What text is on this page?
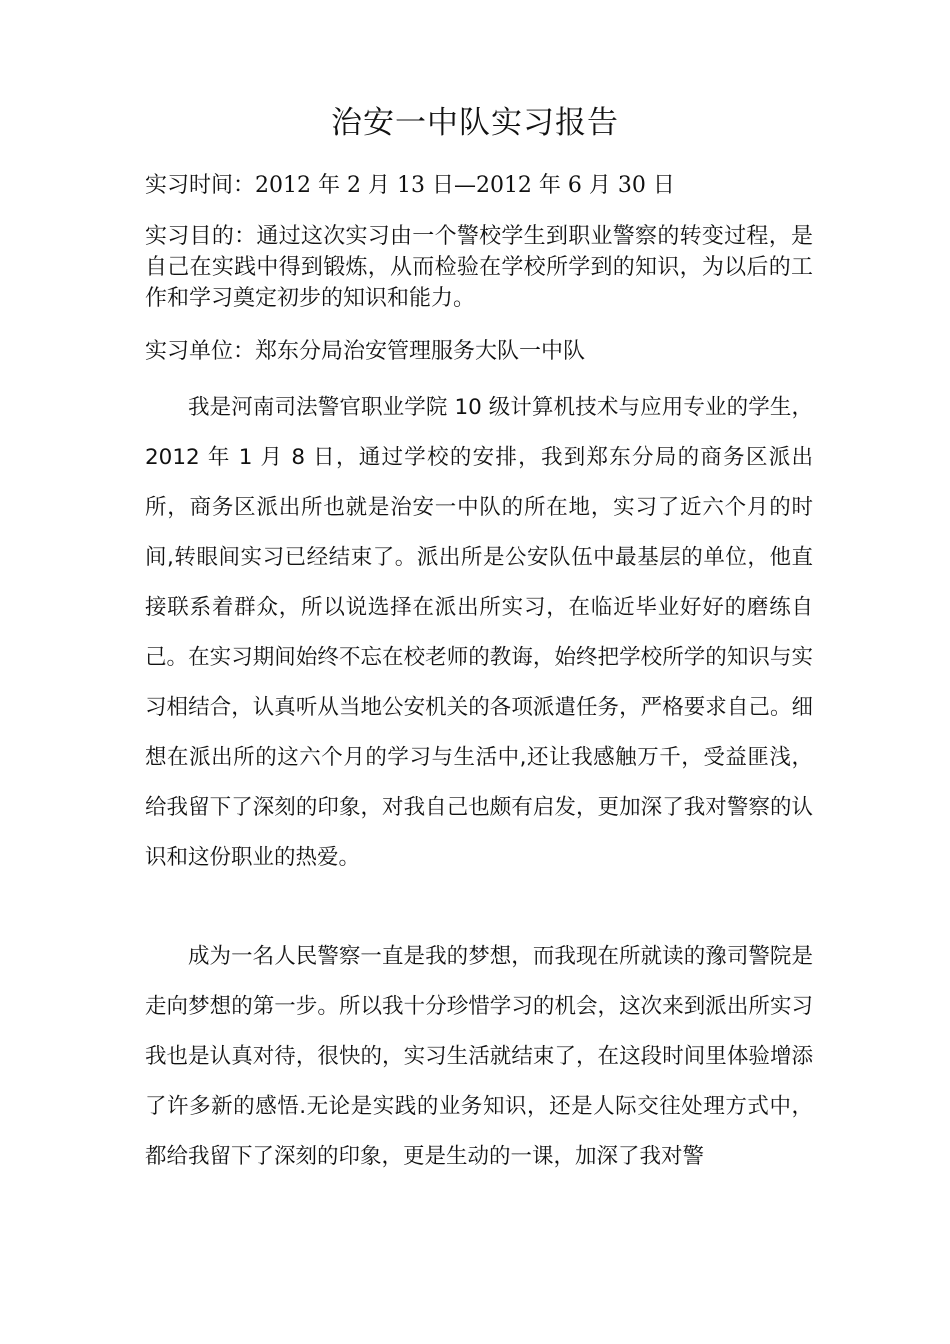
治安一中队实习报告

实习时间：2012 年 2 月 13 日—2012 年 6 月 30 日

实习目的：通过这次实习由一个警校学生到职业警察的转变过程，是自己在实践中得到锻炼，从而检验在学校所学到的知识，为以后的工作和学习奠定初步的知识和能力。

实习单位：郑东分局治安管理服务大队一中队

我是河南司法警官职业学院 10 级计算机技术与应用专业的学生，2012 年 1 月 8 日，通过学校的安排，我到郑东分局的商务区派出所，商务区派出所也就是治安一中队的所在地，实习了近六个月的时间,转眼间实习已经结束了。派出所是公安队伍中最基层的单位，他直接联系着群众，所以说选择在派出所实习，在临近毕业好好的磨练自己。在实习期间始终不忘在校老师的教诲，始终把学校所学的知识与实习相结合，认真听从当地公安机关的各项派遣任务，严格要求自己。细想在派出所的这六个月的学习与生活中,还让我感触万千，受益匪浅，给我留下了深刻的印象，对我自己也颇有启发，更加深了我对警察的认识和这份职业的热爱。

成为一名人民警察一直是我的梦想，而我现在所就读的豫司警院是走向梦想的第一步。所以我十分珍惜学习的机会，这次来到派出所实习我也是认真对待，很快的，实习生活就结束了，在这段时间里体验增添了许多新的感悟.无论是实践的业务知识，还是人际交往处理方式中，都给我留下了深刻的印象，更是生动的一课，加深了我对警
